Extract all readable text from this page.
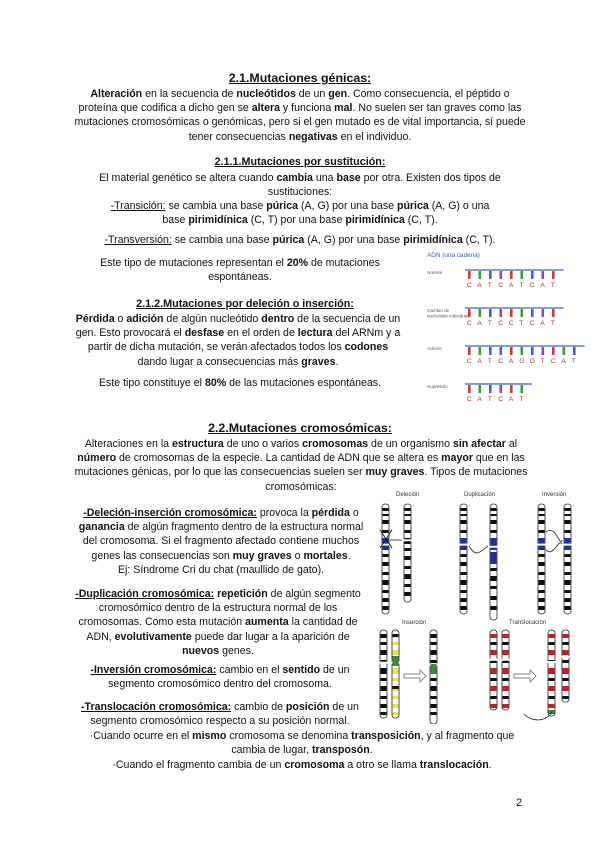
2.1.Mutaciones génicas:

Alteración en la secuencia de nucleótidos de un gen. Como consecuencia, el péptido o proteína que codifica a dicho gen se altera y funciona mal. No suelen ser tan graves como las mutaciones cromosómicas o genómicas, pero si el gen mutado es de vital importancia, sí puede tener consecuencias negativas en el individuo.

2.1.1.Mutaciones por sustitución:

El material genético se altera cuando cambia una base por otra. Existen dos tipos de sustituciones:

-Transición: se cambia una base púrica (A, G) por una base púrica (A, G) o una base pirimidínica (C, T) por una base pirimidínica (C, T).

-Transversión: se cambia una base púrica (A, G) por una base pirimidínica (C, T).

Este tipo de mutaciones representan el 20% de mutaciones espontáneas.

2.1.2.Mutaciones por deleción o inserción:

Pérdida o adición de algún nucleótido dentro de la secuencia de un gen. Esto provocará el desfase en el orden de lectura del ARNm y a partir de dicha mutación, se verán afectados todos los codones dando lugar a consecuencias más graves.

Este tipo constituye el 80% de las mutaciones espontáneas.

ADN (una cadena)
Normal
C A T C A T C A T
Cambio de
nucleótido individual
C A T C C T C A T
Adición
C A T C A G G T C A T
Supresión
C A T C A T

2.2.Mutaciones cromosómicas:

Alteraciones en la estructura de uno o varios cromosomas de un organismo sin afectar al número de cromosomas de la especie. La cantidad de ADN que se altera es mayor que en las mutaciones génicas, por lo que las consecuencias suelen ser muy graves. Tipos de mutaciones cromosómicas:

-Deleción-inserción cromosómica: provoca la pérdida o ganancia de algún fragmento dentro de la estructura normal del cromosoma. Si el fragmento afectado contiene muchos genes las consecuencias son muy graves o mortales.

Ej: Síndrome Cri du chat (maullido de gato).

-Duplicación cromosómica: repetición de algún segmento cromosómico dentro de la estructura normal de los cromosomas. Como esta mutación aumenta la cantidad de ADN, evolutivamente puede dar lugar a la aparición de nuevos genes.

-Inversión cromosómica: cambio en el sentido de un segmento cromosómico dentro del cromosoma.

-Translocación cromosómica: cambio de posición de un segmento cromosómico respecto a su posición normal.

·Cuando ocurre en el mismo cromosoma se denomina transposición, y al fragmento que cambia de lugar, transposón.

·Cuando el fragmento cambia de un cromosoma a otro se llama translocación.

Deleción	Duplicación	Inversión
Inserción	Translocación
2
